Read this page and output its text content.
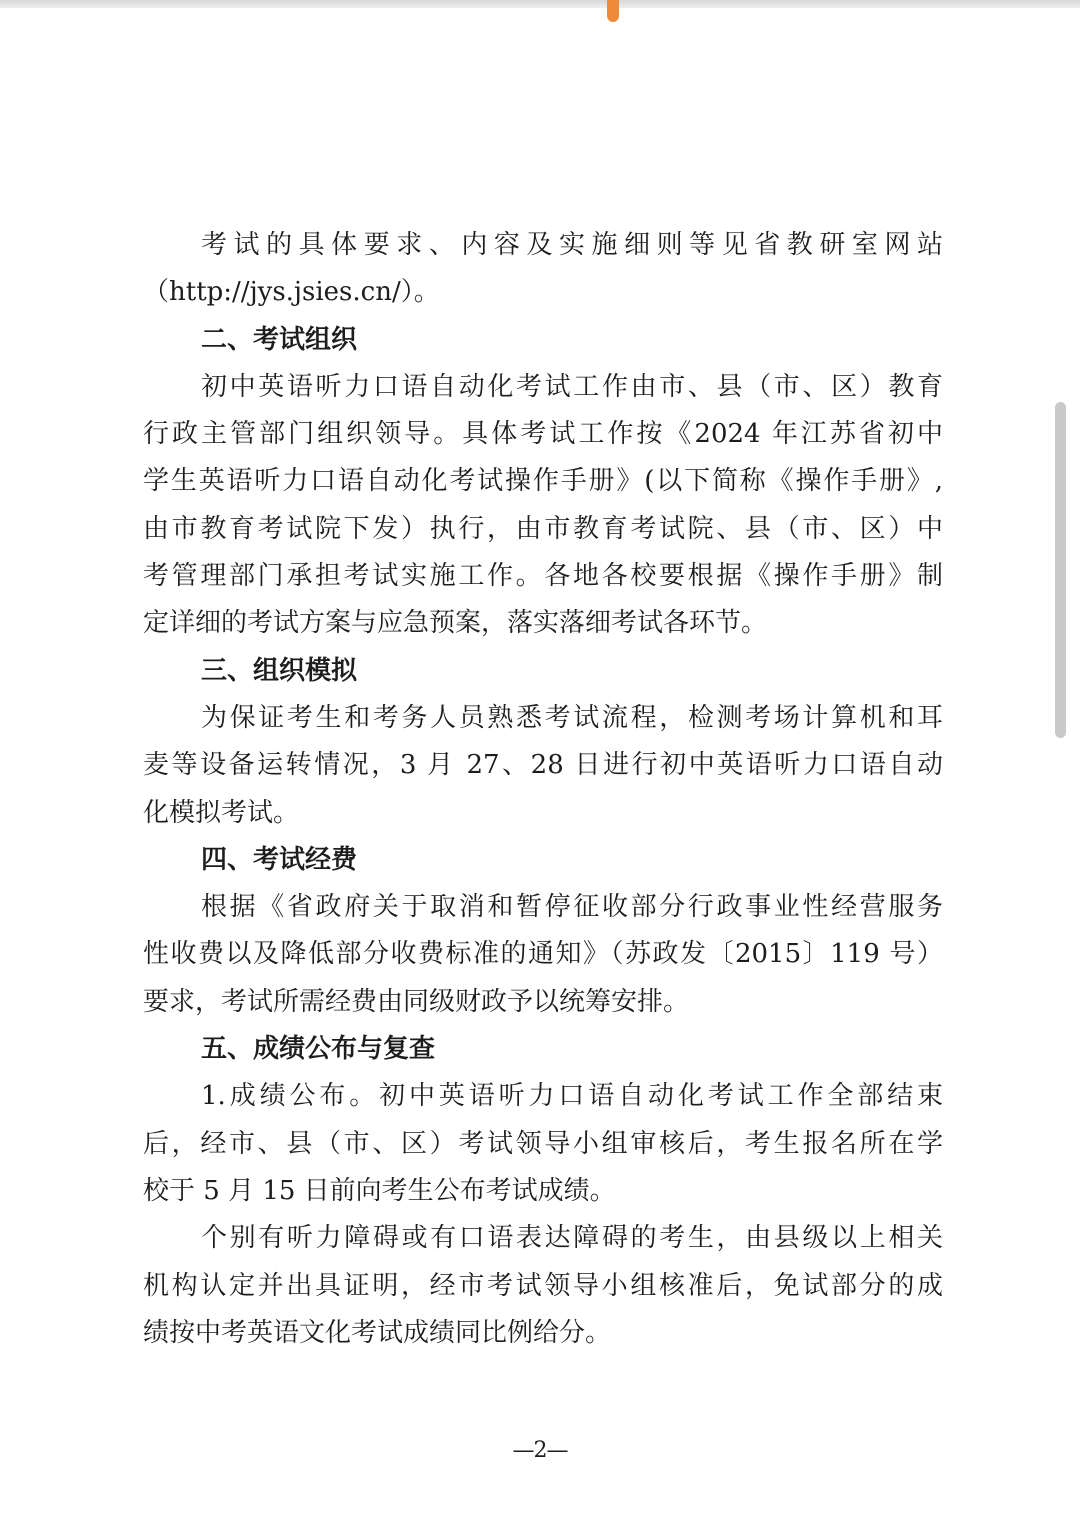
考试的具体要求、内容及实施细则等见省教研室网站
（http://jys.jsies.cn/）。
二、考试组织
初中英语听力口语自动化考试工作由市、县（市、区）教育
行政主管部门组织领导。具体考试工作按《2024 年江苏省初中
学生英语听力口语自动化考试操作手册》(以下简称《操作手册》,
由市教育考试院下发）执行，由市教育考试院、县（市、区）中
考管理部门承担考试实施工作。各地各校要根据《操作手册》制
定详细的考试方案与应急预案，落实落细考试各环节。
三、组织模拟
为保证考生和考务人员熟悉考试流程，检测考场计算机和耳
麦等设备运转情况，3 月 27、28 日进行初中英语听力口语自动
化模拟考试。
四、考试经费
根据《省政府关于取消和暂停征收部分行政事业性经营服务
性收费以及降低部分收费标准的通知》（苏政发〔2015〕119 号）
要求，考试所需经费由同级财政予以统筹安排。
五、成绩公布与复查
1.成绩公布。初中英语听力口语自动化考试工作全部结束
后，经市、县（市、区）考试领导小组审核后，考生报名所在学
校于 5 月 15 日前向考生公布考试成绩。
个别有听力障碍或有口语表达障碍的考生，由县级以上相关
机构认定并出具证明，经市考试领导小组核准后，免试部分的成
绩按中考英语文化考试成绩同比例给分。
—2—
